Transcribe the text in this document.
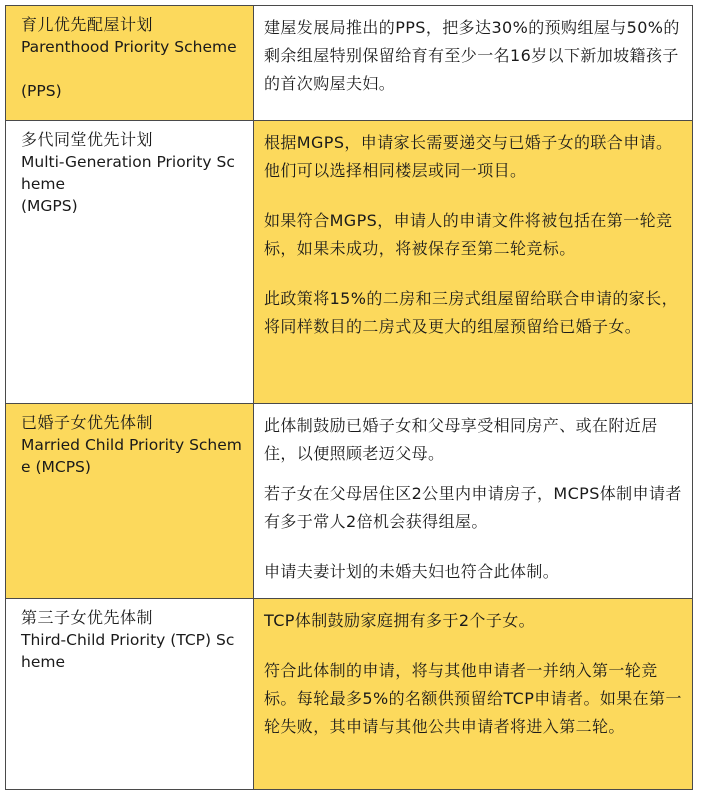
育儿优先配屋计划
Parenthood Priority Scheme
(PPS)

建屋发展局推出的PPS，把多达30%的预购组屋与50%的剩余组屋特别保留给育有至少一名16岁以下新加坡籍孩子的首次购屋夫妇。

多代同堂优先计划
Multi-Generation Priority Scheme
(MGPS)

根据MGPS，申请家长需要递交与已婚子女的联合申请。他们可以选择相同楼层或同一项目。

如果符合MGPS，申请人的申请文件将被包括在第一轮竞标，如果未成功，将被保存至第二轮竞标。

此政策将15%的二房和三房式组屋留给联合申请的家长，将同样数目的二房式及更大的组屋预留给已婚子女。

已婚子女优先体制
Married Child Priority Scheme (MCPS)

此体制鼓励已婚子女和父母享受相同房产、或在附近居住，以便照顾老迈父母。

若子女在父母居住区2公里内申请房子，MCPS体制申请者有多于常人2倍机会获得组屋。

申请夫妻计划的未婚夫妇也符合此体制。

第三子女优先体制
Third-Child Priority (TCP) Scheme

TCP体制鼓励家庭拥有多于2个子女。

符合此体制的申请，将与其他申请者一并纳入第一轮竞标。每轮最多5%的名额供预留给TCP申请者。如果在第一轮失败，其申请与其他公共申请者将进入第二轮。
